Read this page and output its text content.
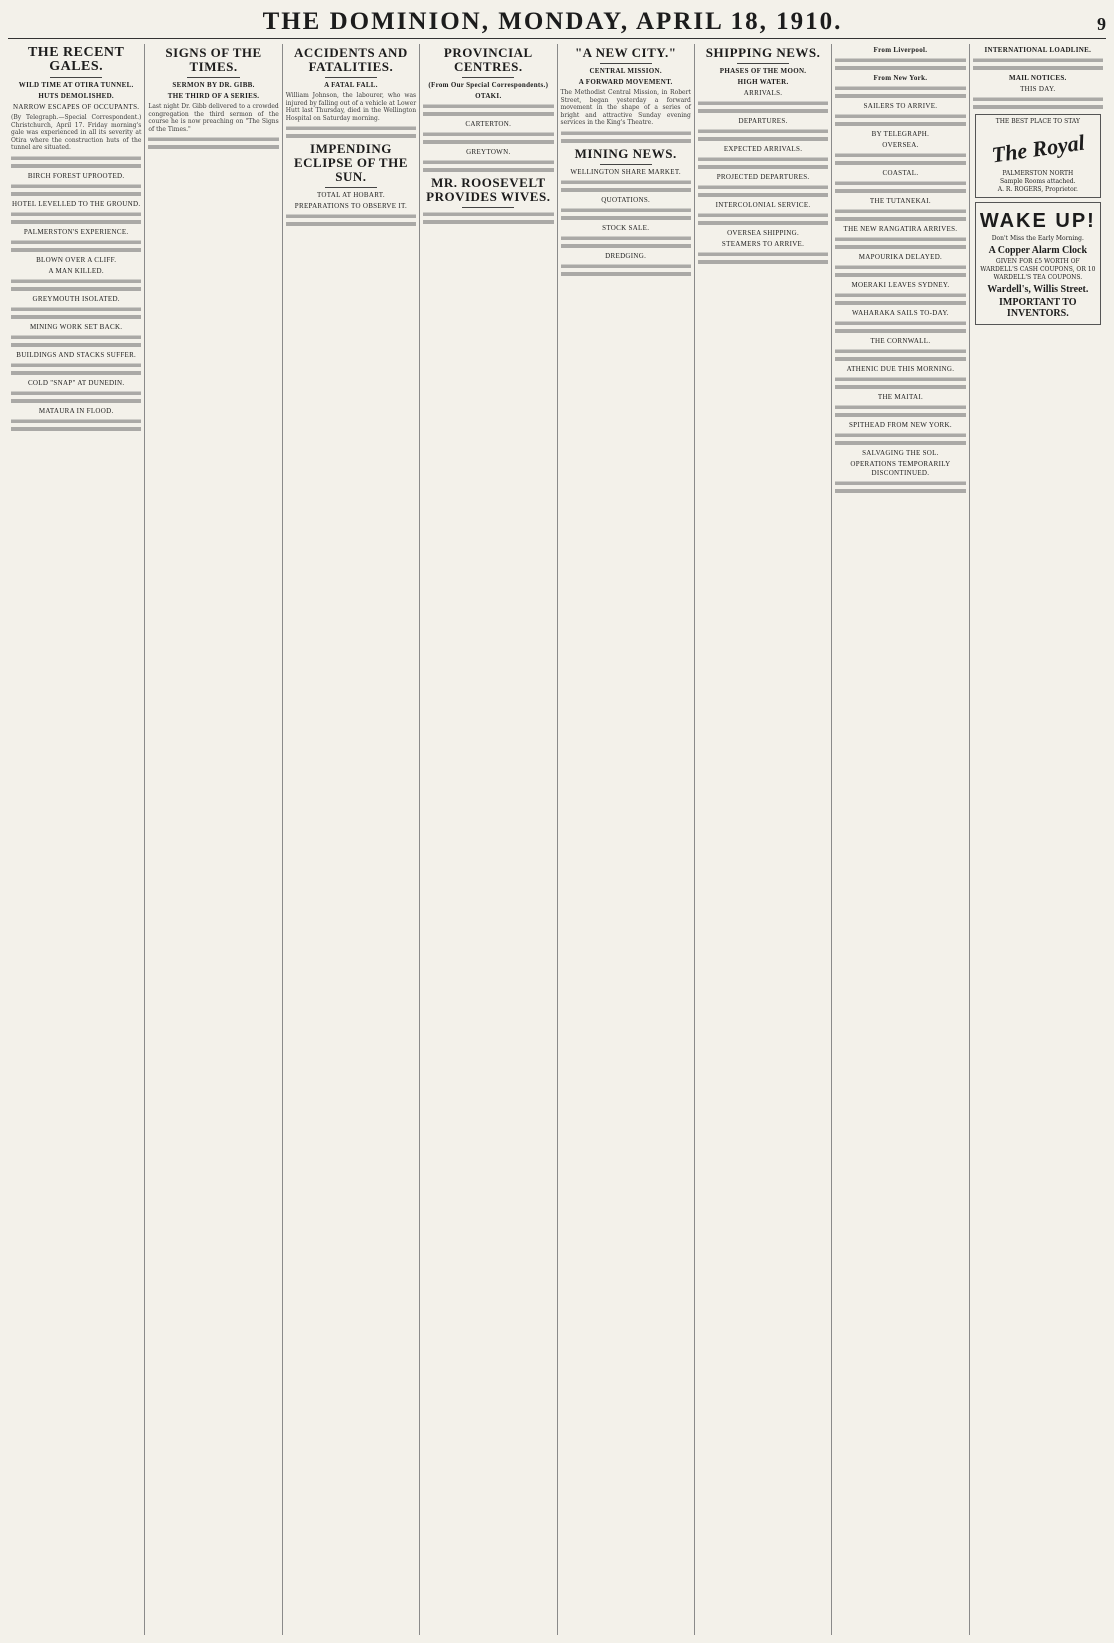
THE DOMINION, MONDAY, APRIL 18, 1910.	9
THE RECENT GALES.
WILD TIME AT OTIRA TUNNEL.
HUTS DEMOLISHED.
NARROW ESCAPES OF OCCUPANTS.

(By Telegraph.—Special Correspondent.) Christchurch, April 17. Friday morning's gale was experienced in all its severity at Otira where the construction huts of the tunnel are situated.

BIRCH FOREST UPROOTED.
HOTEL LEVELLED TO THE GROUND.
PALMERSTON'S EXPERIENCE.
BLOWN OVER A CLIFF.
A MAN KILLED.
GREYMOUTH ISOLATED.
MINING WORK SET BACK.
BUILDINGS AND STACKS SUFFER.
COLD "SNAP" AT DUNEDIN.
MATAURA IN FLOOD.
SIGNS OF THE TIMES.
SERMON BY DR. GIBB.
THE THIRD OF A SERIES.

Last night Dr. Gibb delivered to a crowded congregation the third sermon of the course he is now preaching on "The Signs of the Times."

ACCIDENTS AND FATALITIES.
A FATAL FALL.

William Johnson, the labourer, who was injured by falling out of a vehicle at Lower Hutt last Thursday, died in the Wellington Hospital on Saturday morning.

IMPENDING ECLIPSE OF THE SUN.
TOTAL AT HOBART.
PREPARATIONS TO OBSERVE IT.
PROVINCIAL CENTRES.
(From Our Special Correspondents.)
OTAKI.
CARTERTON.
GREYTOWN.
MR. ROOSEVELT PROVIDES WIVES.
"A NEW CITY."
CENTRAL MISSION.
A FORWARD MOVEMENT.

The Methodist Central Mission, in Robert Street, began yesterday a forward movement in the shape of a series of bright and attractive Sunday evening services in the King's Theatre.

MINING NEWS.
WELLINGTON SHARE MARKET.
QUOTATIONS.
STOCK SALE.
DREDGING.
SHIPPING NEWS.
PHASES OF THE MOON.
HIGH WATER.
ARRIVALS.
DEPARTURES.
EXPECTED ARRIVALS.
PROJECTED DEPARTURES.
INTERCOLONIAL SERVICE.
OVERSEA SHIPPING.
STEAMERS TO ARRIVE.
From Liverpool.
From New York.
SAILERS TO ARRIVE.
BY TELEGRAPH.
OVERSEA.
COASTAL.
THE TUTANEKAI.
THE NEW RANGATIRA ARRIVES.
MAPOURIKA DELAYED.
MOERAKI LEAVES SYDNEY.
WAHARAKA SAILS TO-DAY.
THE CORNWALL.
ATHENIC DUE THIS MORNING.
THE MAITAI.
SPITHEAD FROM NEW YORK.
SALVAGING THE SOL.
OPERATIONS TEMPORARILY DISCONTINUED.
INTERNATIONAL LOADLINE.
MAIL NOTICES.
THIS DAY.
THE BEST PLACE TO STAY
The Royal
PALMERSTON NORTH
Sample Rooms attached.
A. R. ROGERS, Proprietor.
WAKE UP!
Don't Miss the Early Morning.
A Copper Alarm Clock
GIVEN FOR £5 WORTH OF WARDELL'S CASH COUPONS, OR 10 WARDELL'S TEA COUPONS.
Wardell's, Willis Street.
IMPORTANT TO INVENTORS.
